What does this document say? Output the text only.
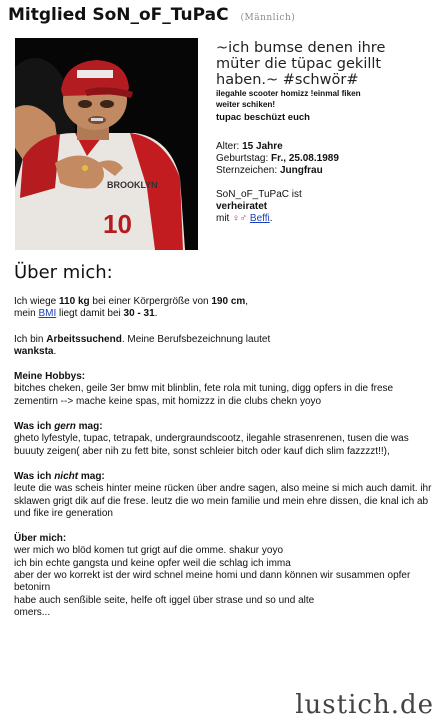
Mitglied SoN_oF_TuPaC (Männlich)
BROOKLYN
10
~ich bumse denen ihre
müter die tüpac gekillt
haben.~ #schwör#
ilegahle scooter homizz !einmal fiken
weiter schiken!
tupac beschüzt euch
Alter: 15 Jahre
Geburtstag: Fr., 25.08.1989
Sternzeichen: Jungfrau
SoN_oF_TuPaC ist
verheiratet
mit ♀♂ Beffi.
Über mich:

Ich wiege 110 kg bei einer Körpergröße von 190 cm,
mein BMI liegt damit bei 30 - 31.

Ich bin Arbeitssuchend. Meine Berufsbezeichnung lautet
wanksta.

Meine Hobbys:
bitches cheken, geile 3er bmw mit blinblin, fete rola mit tuning, digg opfers in die frese zementirn --> mache keine spas, mit homizzz in die clubs chekn yoyo

Was ich gern mag:
gheto lyfestyle, tupac, tetrapak, undergraundscootz, ilegahle strasenrenen, tusen die was buuuty zeigen( aber nih zu fett bite, sonst schleier bitch oder kauf dich slim fazzzzt!!),

Was ich nicht mag:
leute die was scheis hinter meine rücken über andre sagen, also meine si mich auch damit. ihr sklawen grigt dik auf die frese. leutz die wo mein familie und mein ehre dissen, die knal ich ab und fike ire generation

Über mich:
wer mich wo blöd komen tut grigt auf die omme. shakur yoyo
ich bin echte gangsta und keine opfer weil die schlag ich imma
aber der wo korrekt ist der wird schnel meine homi und dann können wir susammen opfer betonirn
habe auch senßible seite, helfe oft iggel über strase und so und alte
omers...

lustich.de
